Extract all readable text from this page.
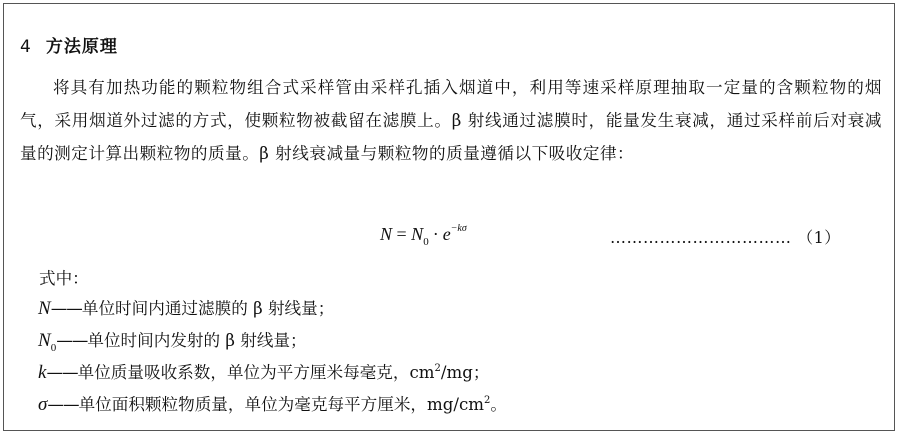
4 方法原理
将具有加热功能的颗粒物组合式采样管由采样孔插入烟道中，利用等速采样原理抽取一定量的含颗粒物的烟气，采用烟道外过滤的方式，使颗粒物被截留在滤膜上。β 射线通过滤膜时，能量发生衰减，通过采样前后对衰减量的测定计算出颗粒物的质量。β 射线衰减量与颗粒物的质量遵循以下吸收定律：
$N = N_0 \cdot e^{-k\sigma}$	…………………………… （1）
式中：
N——单位时间内通过滤膜的 β 射线量；
$N_0——$单位时间内发射的 β 射线量；
k——单位质量吸收系数，单位为平方厘米每毫克，$cm^2/mg$；
σ——单位面积颗粒物质量，单位为毫克每平方厘米，$mg/cm^2$。
